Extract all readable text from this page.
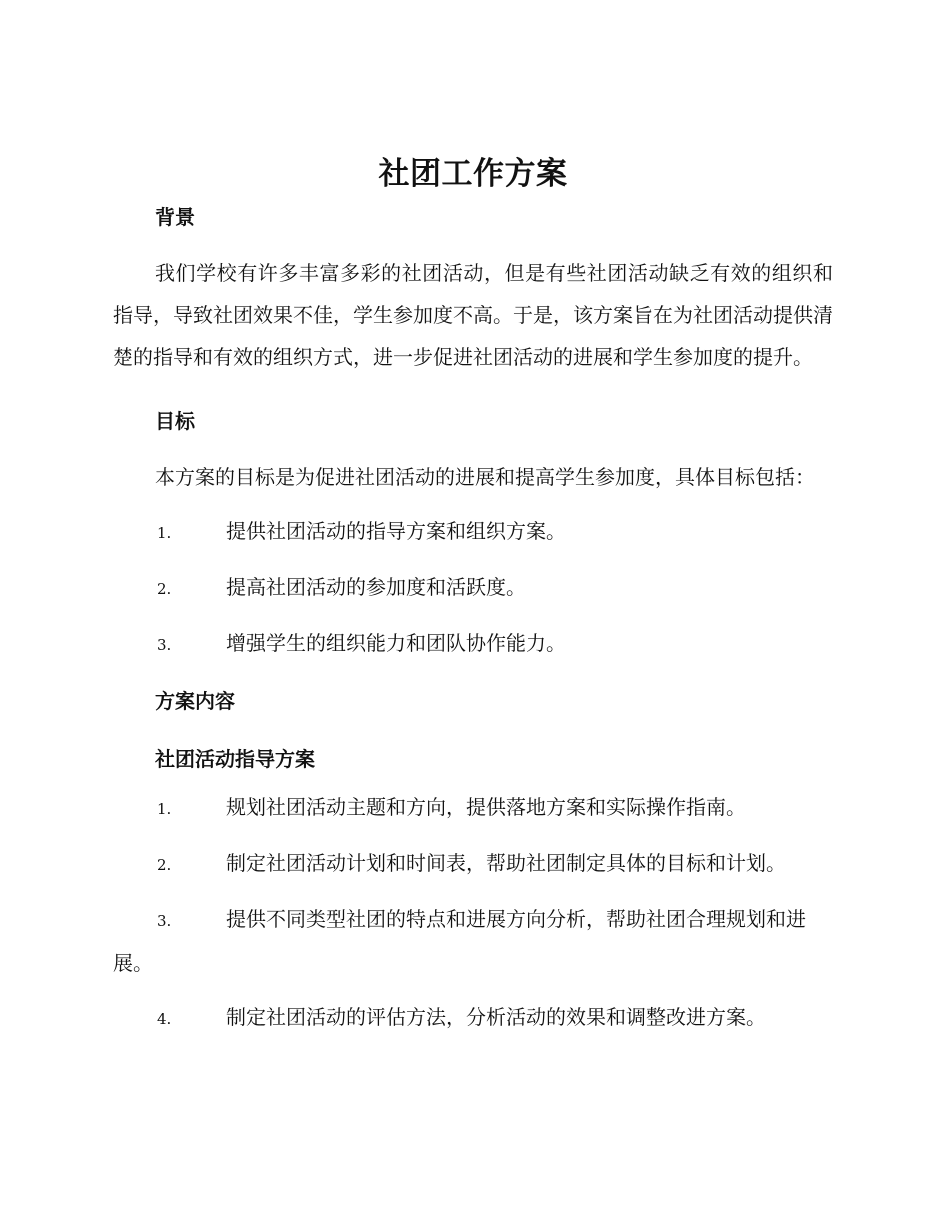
社团工作方案
背景

我们学校有许多丰富多彩的社团活动，但是有些社团活动缺乏有效的组织和指导，导致社团效果不佳，学生参加度不高。于是，该方案旨在为社团活动提供清楚的指导和有效的组织方式，进一步促进社团活动的进展和学生参加度的提升。

目标

本方案的目标是为促进社团活动的进展和提高学生参加度，具体目标包括：

1.	提供社团活动的指导方案和组织方案。
2.	提高社团活动的参加度和活跃度。
3.	增强学生的组织能力和团队协作能力。
方案内容
社团活动指导方案
1.	规划社团活动主题和方向，提供落地方案和实际操作指南。
2.	制定社团活动计划和时间表，帮助社团制定具体的目标和计划。
3.	提供不同类型社团的特点和进展方向分析，帮助社团合理规划和进展。
4.	制定社团活动的评估方法，分析活动的效果和调整改进方案。
